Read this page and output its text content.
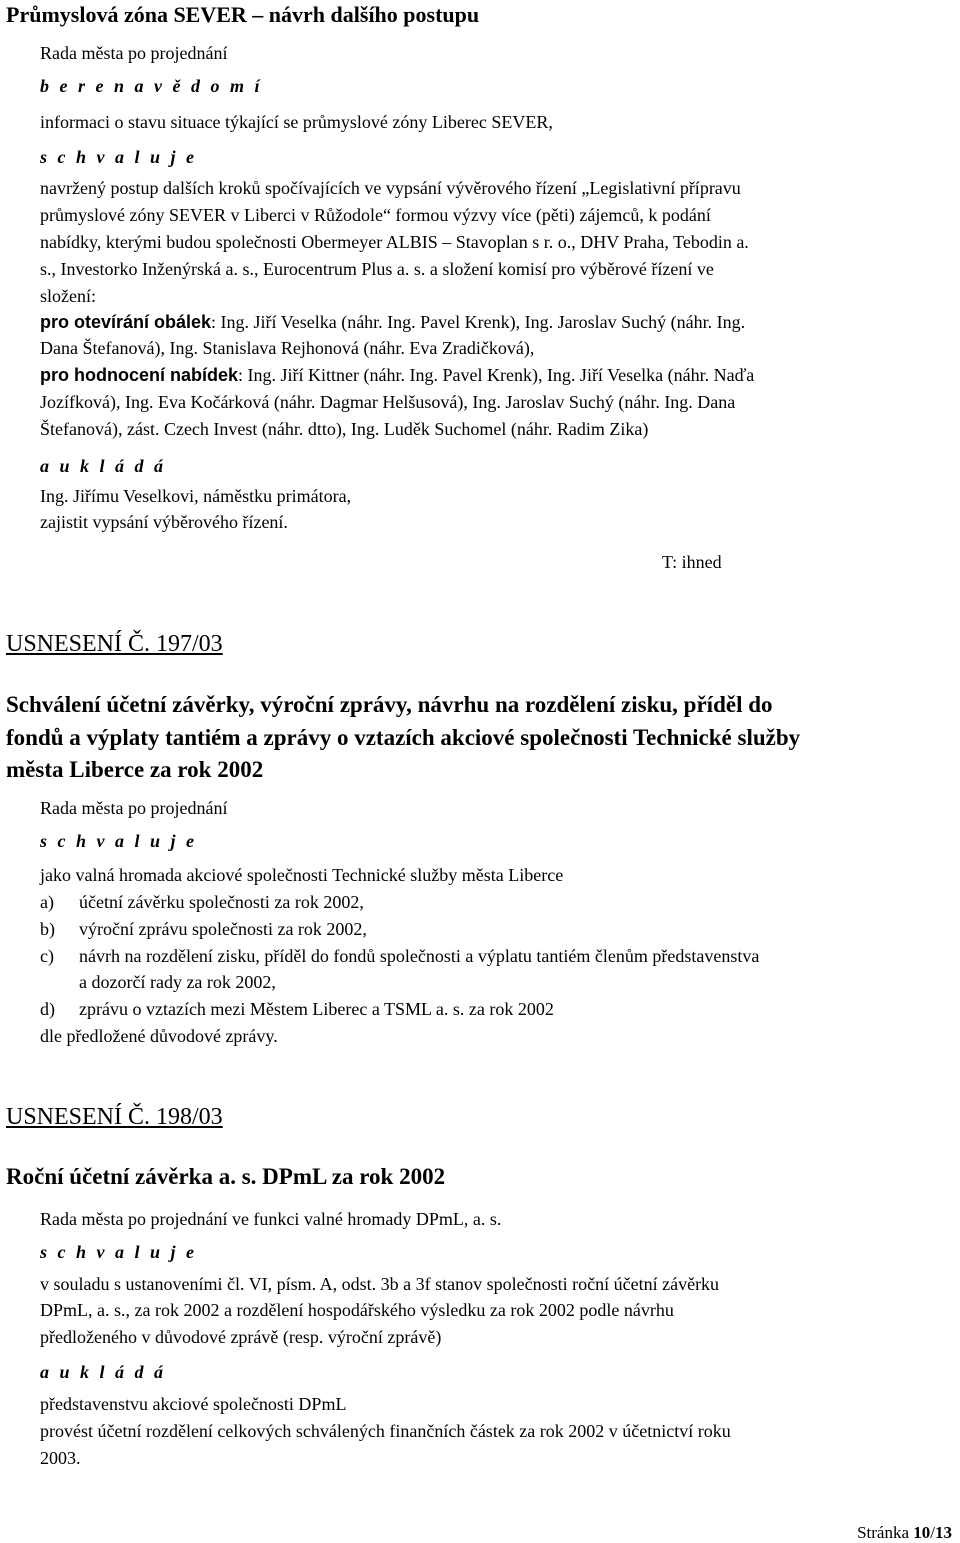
Průmyslová zóna SEVER – návrh dalšího postupu
Rada města po projednání
b e r e n a v ě d o m í
informaci o stavu situace týkající se průmyslové zóny Liberec SEVER,
s c h v a l u j e
navržený postup dalších kroků spočívajících ve vypsání vývěrového řízení „Legislativní přípravu
průmyslové zóny SEVER v Liberci v Růžodole“ formou výzvy více (pěti) zájemců, k podání
nabídky, kterými budou společnosti Obermeyer ALBIS – Stavoplan s r. o., DHV Praha, Tebodin a.
s., Investorko Inženýrská a. s., Eurocentrum Plus a. s. a složení komisí pro výběrové řízení ve
složení:
pro otevírání obálek: Ing. Jiří Veselka (náhr. Ing. Pavel Krenk), Ing. Jaroslav Suchý (náhr. Ing.
Dana Štefanová), Ing. Stanislava Rejhonová (náhr. Eva Zradičková),
pro hodnocení nabídek: Ing. Jiří Kittner (náhr. Ing. Pavel Krenk), Ing. Jiří Veselka (náhr. Naďa
Jozífková), Ing. Eva Kočárková (náhr. Dagmar Helšusová), Ing. Jaroslav Suchý (náhr. Ing. Dana
Štefanová), zást. Czech Invest (náhr. dtto), Ing. Luděk Suchomel (náhr. Radim Zika)
a u k l á d á
Ing. Jiřímu Veselkovi, náměstku primátora,
zajistit vypsání výběrového řízení.
T: ihned
USNESENÍ Č. 197/03
Schválení účetní závěrky, výroční zprávy, návrhu na rozdělení zisku, příděl do
fondů a výplaty tantiém a zprávy o vztazích akciové společnosti Technické služby
města Liberce za rok 2002
Rada města po projednání
s c h v a l u j e
jako valná hromada akciové společnosti Technické služby města Liberce
a) účetní závěrku společnosti za rok 2002,
b) výroční zprávu společnosti za rok 2002,
c) návrh na rozdělení zisku, příděl do fondů společnosti a výplatu tantiém členům představenstva
a dozorčí rady za rok 2002,
d) zprávu o vztazích mezi Městem Liberec a TSML a. s. za rok 2002
dle předložené důvodové zprávy.
USNESENÍ Č. 198/03
Roční účetní závěrka a. s. DPmL za rok 2002
Rada města po projednání ve funkci valné hromady DPmL, a. s.
s c h v a l u j e
v souladu s ustanoveními čl. VI, písm. A, odst. 3b a 3f stanov společnosti roční účetní závěrku
DPmL, a. s., za rok 2002 a rozdělení hospodářského výsledku za rok 2002 podle návrhu
předloženého v důvodové zprávě (resp. výroční zprávě)
a u k l á d á
představenstvu akciové společnosti DPmL
provést účetní rozdělení celkových schválených finančních částek za rok 2002 v účetnictví roku
2003.
Stránka 10/13
